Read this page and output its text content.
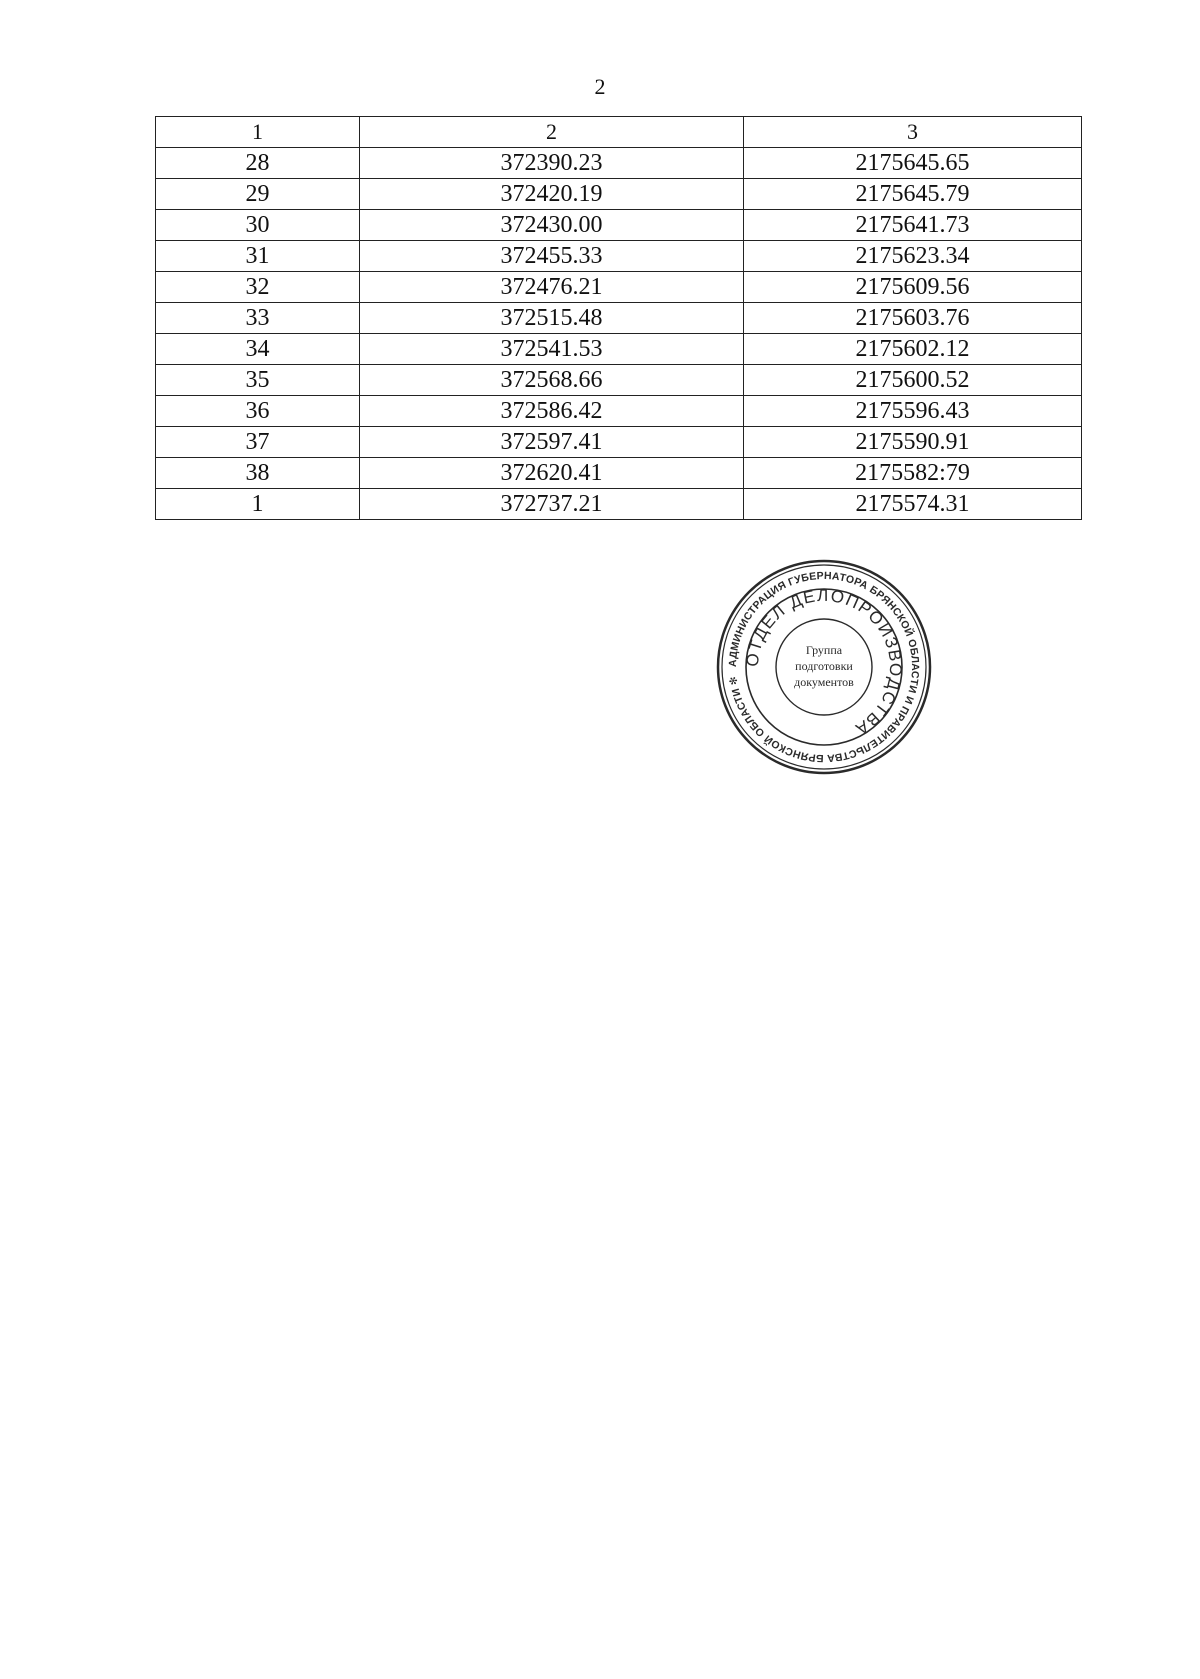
2
1	2	3
28	372390.23	2175645.65
29	372420.19	2175645.79
30	372430.00	2175641.73
31	372455.33	2175623.34
32	372476.21	2175609.56
33	372515.48	2175603.76
34	372541.53	2175602.12
35	372568.66	2175600.52
36	372586.42	2175596.43
37	372597.41	2175590.91
38	372620.41	2175582:79
1	372737.21	2175574.31
АДМИНИСТРАЦИЯ ГУБЕРНАТОРА БРЯНСКОЙ ОБЛАСТИ И ПРАВИТЕЛЬСТВА БРЯНСКОЙ ОБЛАСТИ ✻
ОТДЕЛ ДЕЛОПРОИЗВОДСТВА
Группа
подготовки
документов
